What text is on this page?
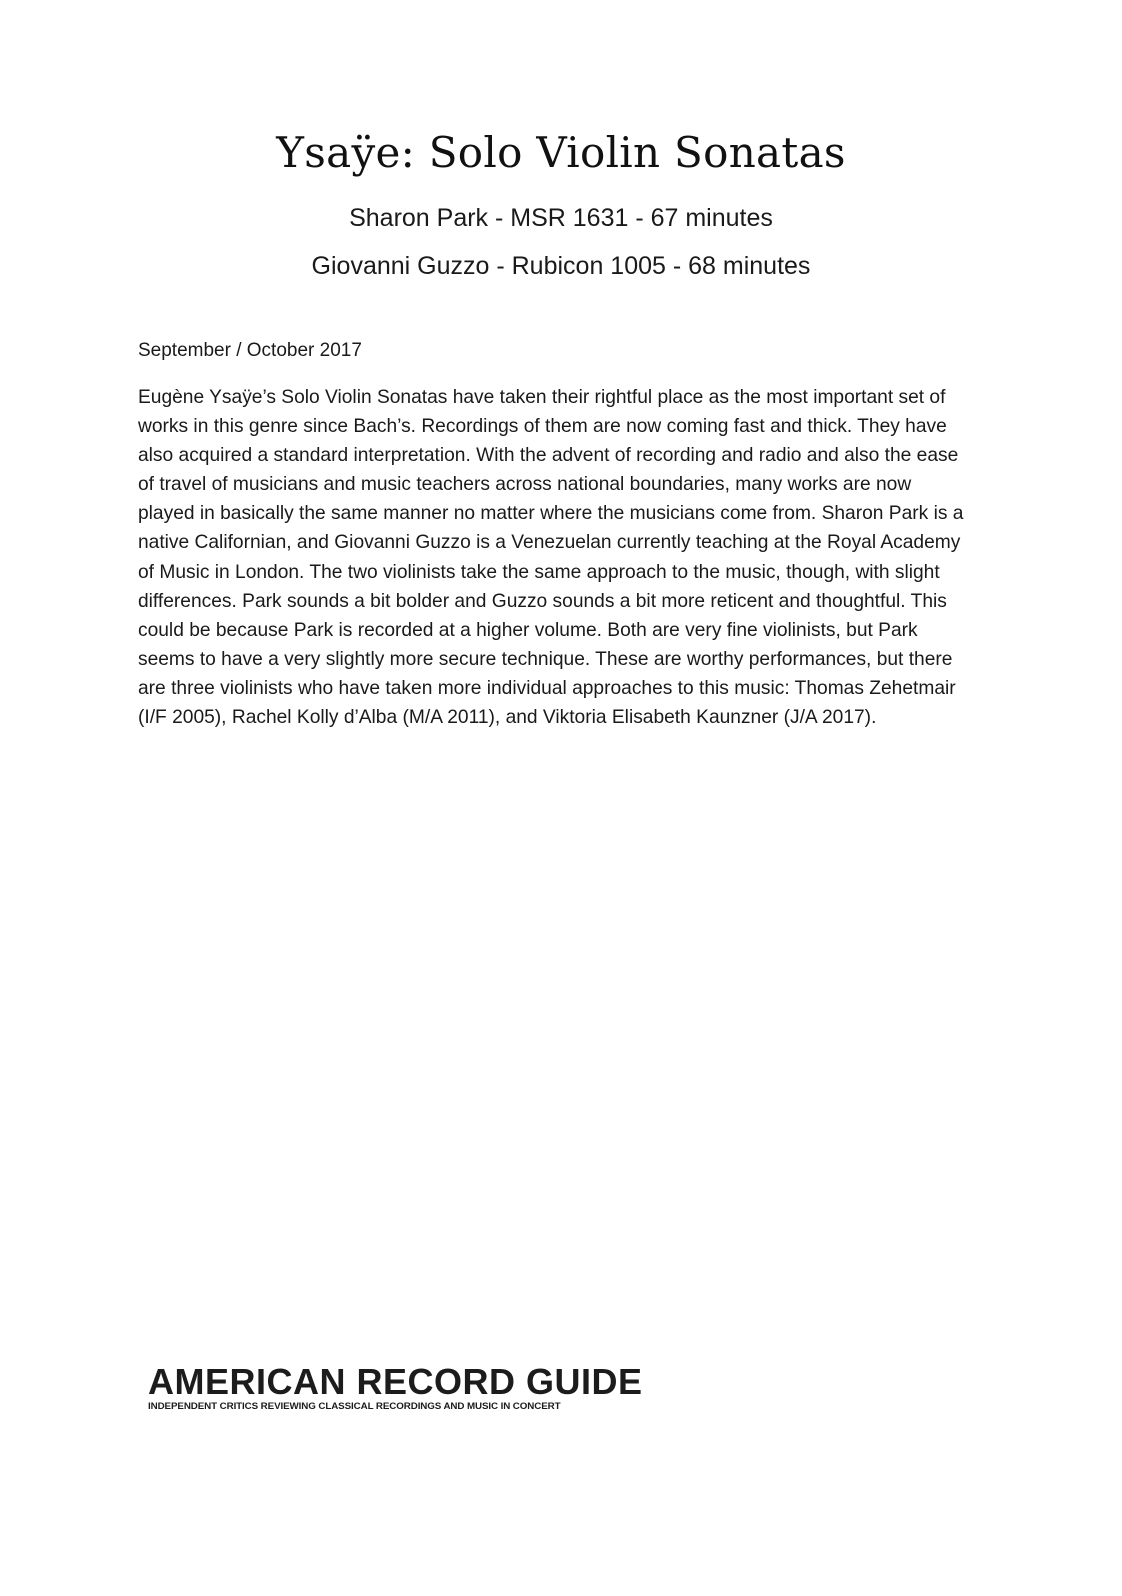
Ysaÿe: Solo Violin Sonatas

Sharon Park - MSR 1631 - 67 minutes

Giovanni Guzzo - Rubicon 1005 - 68 minutes

September / October 2017

Eugène Ysaÿe’s Solo Violin Sonatas have taken their rightful place as the most important set of works in this genre since Bach’s. Recordings of them are now coming fast and thick. They have also acquired a standard interpretation. With the advent of recording and radio and also the ease of travel of musicians and music teachers across national boundaries, many works are now played in basically the same manner no matter where the musicians come from. Sharon Park is a native Californian, and Giovanni Guzzo is a Venezuelan currently teaching at the Royal Academy of Music in London. The two violinists take the same approach to the music, though, with slight differences. Park sounds a bit bolder and Guzzo sounds a bit more reticent and thoughtful. This could be because Park is recorded at a higher volume. Both are very fine violinists, but Park seems to have a very slightly more secure technique. These are worthy performances, but there are three violinists who have taken more individual approaches to this music: Thomas Zehetmair (I/F 2005), Rachel Kolly d’Alba (M/A 2011), and Viktoria Elisabeth Kaunzner (J/A 2017).

AMERICAN RECORD GUIDE
INDEPENDENT CRITICS REVIEWING CLASSICAL RECORDINGS AND MUSIC IN CONCERT
